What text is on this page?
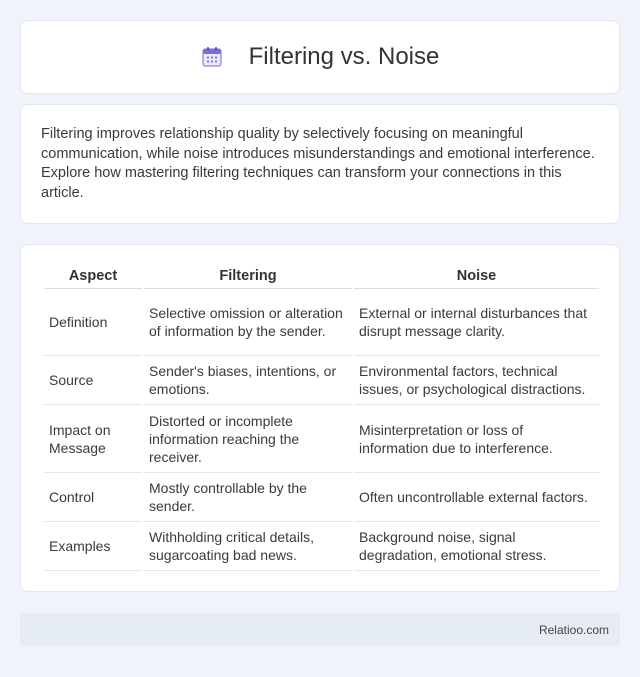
Filtering vs. Noise

Filtering improves relationship quality by selectively focusing on meaningful communication, while noise introduces misunderstandings and emotional interference. Explore how mastering filtering techniques can transform your connections in this article.

Aspect	Filtering	Noise
Definition	Selective omission or alteration of information by the sender.	External or internal disturbances that disrupt message clarity.
Source	Sender's biases, intentions, or emotions.	Environmental factors, technical issues, or psychological distractions.
Impact on Message	Distorted or incomplete information reaching the receiver.	Misinterpretation or loss of information due to interference.
Control	Mostly controllable by the sender.	Often uncontrollable external factors.
Examples	Withholding critical details, sugarcoating bad news.	Background noise, signal degradation, emotional stress.
Relatioo.com
